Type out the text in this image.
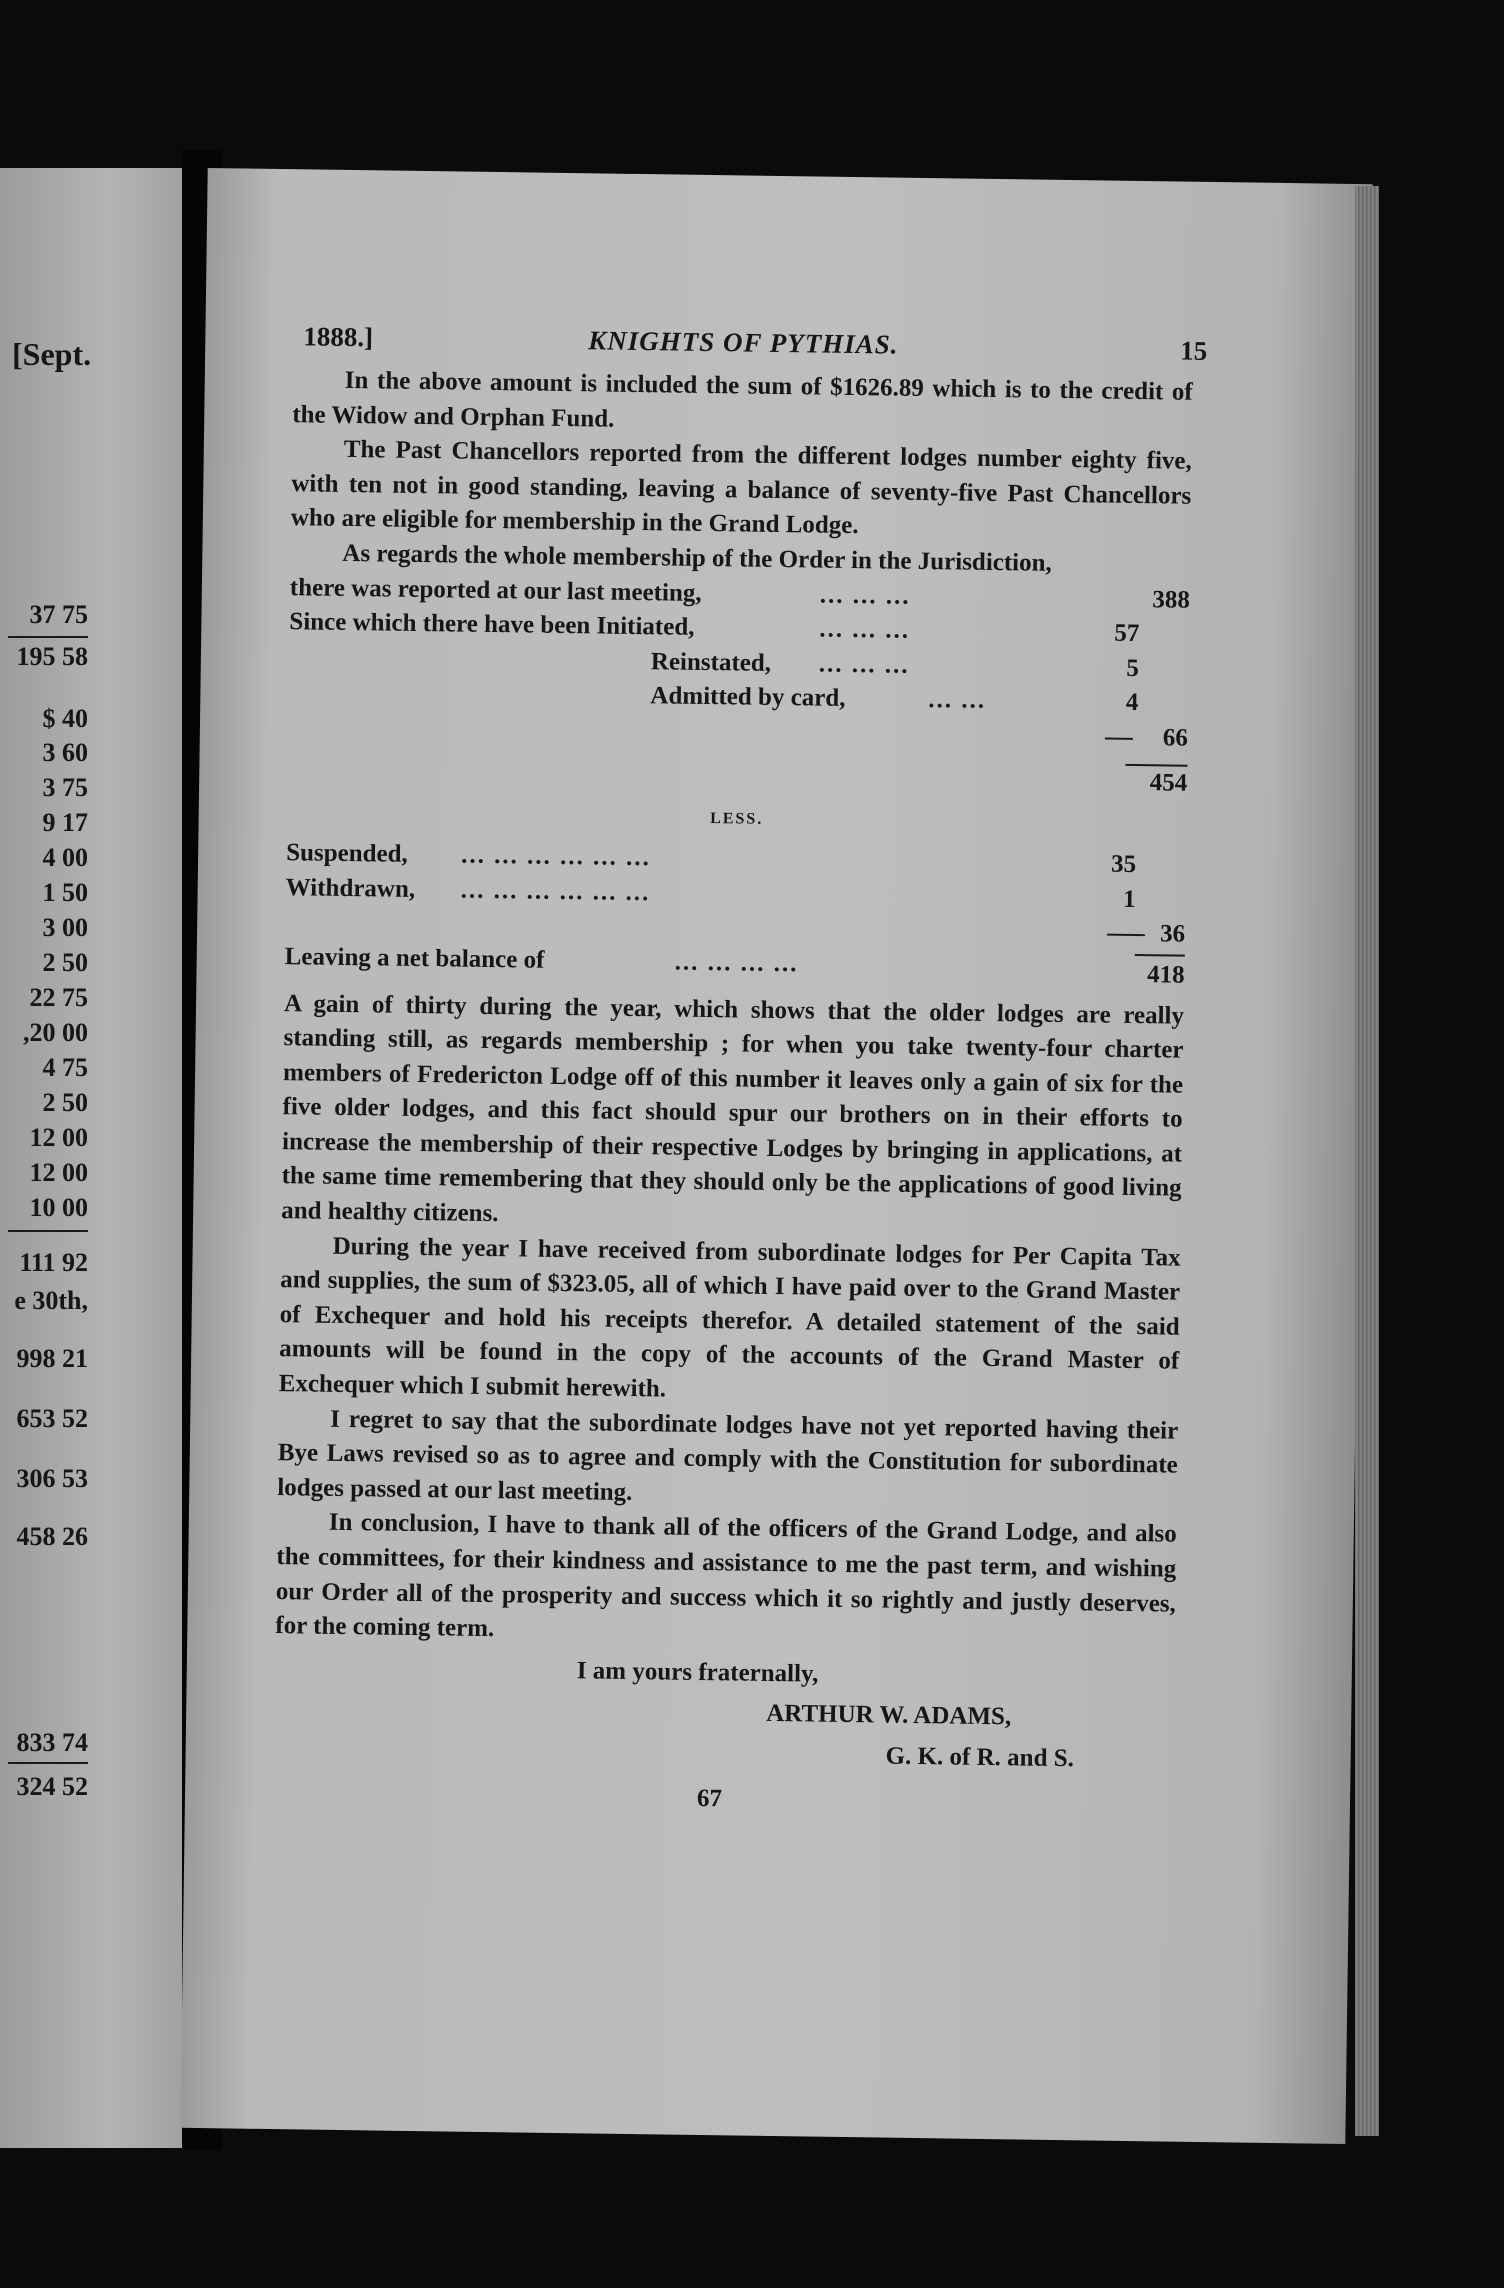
[Sept.
37 75
195 58
$ 40
3 60
3 75
9 17
4 00
1 50
3 00
2 50
22 75
,20 00
4 75
2 50
12 00
12 00
10 00
111 92
e 30th,
998 21
653 52
306 53
458 26
833 74
324 52
1888.]	KNIGHTS OF PYTHIAS.	15

In the above amount is included the sum of $1626.89 which is to the credit of the Widow and Orphan Fund.

The Past Chancellors reported from the different lodges number eighty five, with ten not in good standing, leaving a balance of seventy-five Past Chancellors who are eligible for membership in the Grand Lodge.

As regards the whole membership of the Order in the Jurisdiction,

there was reported at our last meeting,	... ... ...	388
Since which there have been Initiated,	... ... ...	57
Reinstated, ... ... ...	5
Admitted by card,	... ...	4
66
454
LESS.
Suspended, ... ... ... ... ... ...	35
Withdrawn, ... ... ... ... ... ...	1
36
Leaving a net balance of	... ... ... ...	418

A gain of thirty during the year, which shows that the older lodges are really standing still, as regards membership ; for when you take twenty-four charter members of Fredericton Lodge off of this number it leaves only a gain of six for the five older lodges, and this fact should spur our brothers on in their efforts to increase the membership of their respective Lodges by bringing in applications, at the same time remembering that they should only be the applications of good living and healthy citizens.

During the year I have received from subordinate lodges for Per Capita Tax and supplies, the sum of $323.05, all of which I have paid over to the Grand Master of Exchequer and hold his receipts therefor. A detailed statement of the said amounts will be found in the copy of the accounts of the Grand Master of Exchequer which I submit herewith.

I regret to say that the subordinate lodges have not yet reported having their Bye Laws revised so as to agree and comply with the Constitution for subordinate lodges passed at our last meeting.

In conclusion, I have to thank all of the officers of the Grand Lodge, and also the committees, for their kindness and assistance to me the past term, and wishing our Order all of the prosperity and success which it so rightly and justly deserves, for the coming term.

I am yours fraternally,

ARTHUR W. ADAMS,

G. K. of R. and S.

67
